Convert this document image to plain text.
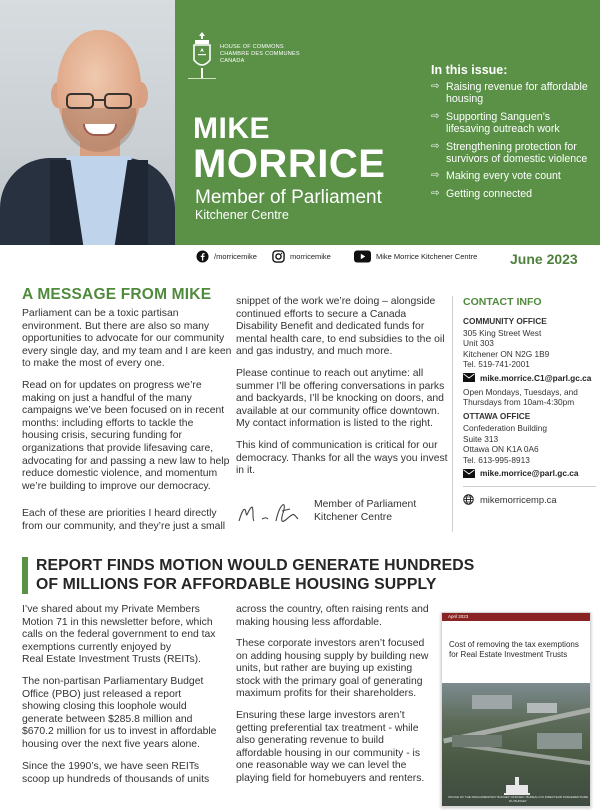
HOUSE OF COMMONS
CHAMBRE DES COMMUNES
CANADA
MIKE
MORRICE
Member of Parliament
Kitchener Centre
In this issue:
⇨ Raising revenue for affordable housing
⇨ Supporting Sanguen’s lifesaving outreach work
⇨ Strengthening protection for survivors of domestic violence
⇨ Making every vote count
⇨ Getting connected
/morricemike	morricemike	Mike Morrice Kitchener Centre June 2023
A MESSAGE FROM MIKE
Parliament can be a toxic partisan
environment. But there are also so many
opportunities to advocate for our community
every single day, and my team and I are keen
to make the most of every one.
Read on for updates on progress we’re
making on just a handful of the many
campaigns we’ve been focused on in recent
months: including efforts to tackle the
housing crisis, securing funding for
organizations that provide lifesaving care,
advocating for and passing a new law to help
reduce domestic violence, and momentum
we’re building to improve our democracy.
Each of these are priorities I heard directly
from our community, and they’re just a small
snippet of the work we’re doing – alongside
continued efforts to secure a Canada
Disability Benefit and dedicated funds for
mental health care, to end subsidies to the oil
and gas industry, and much more.
Please continue to reach out anytime: all
summer I’ll be offering conversations in parks
and backyards, I’ll be knocking on doors, and
available at our community office downtown.
My contact information is listed to the right.
This kind of communication is critical for our
democracy. Thanks for all the ways you invest
in it.
Member of Parliament
Kitchener Centre
CONTACT INFO
COMMUNITY OFFICE
305 King Street West
Unit 303
Kitchener ON N2G 1B9
Tel. 519-741-2001
mike.morrice.C1@parl.gc.ca
Open Mondays, Tuesdays, and
Thursdays from 10am-4:30pm
OTTAWA OFFICE
Confederation Building
Suite 313
Ottawa ON K1A 0A6
Tel. 613-995-8913
mike.morrice@parl.gc.ca
mikemorricemp.ca
REPORT FINDS MOTION WOULD GENERATE HUNDREDS
OF MILLIONS FOR AFFORDABLE HOUSING SUPPLY
I’ve shared about my Private Members
Motion 71 in this newsletter before, which
calls on the federal government to end tax
exemptions currently enjoyed by
Real Estate Investment Trusts (REITs).
The non-partisan Parliamentary Budget
Office (PBO) just released a report
showing closing this loophole would
generate between $285.8 million and
$670.2 million for us to invest in affordable
housing over the next five years alone.
Since the 1990’s, we have seen REITs
scoop up hundreds of thousands of units
across the country, often raising rents and
making housing less affordable.
These corporate investors aren’t focused
on adding housing supply by building new
units, but rather are buying up existing
stock with the primary goal of generating
maximum profits for their shareholders.
Ensuring these large investors aren’t
getting preferential tax treatment - while
also generating revenue to build
affordable housing in our community - is
one reasonable way we can level the
playing field for homebuyers and renters.
April 2023
Cost of removing the tax exemptions for Real Estate Investment Trusts
OFFICE OF THE PARLIAMENTARY BUDGET OFFICER / BUREAU DU DIRECTEUR PARLEMENTAIRE DU BUDGET
